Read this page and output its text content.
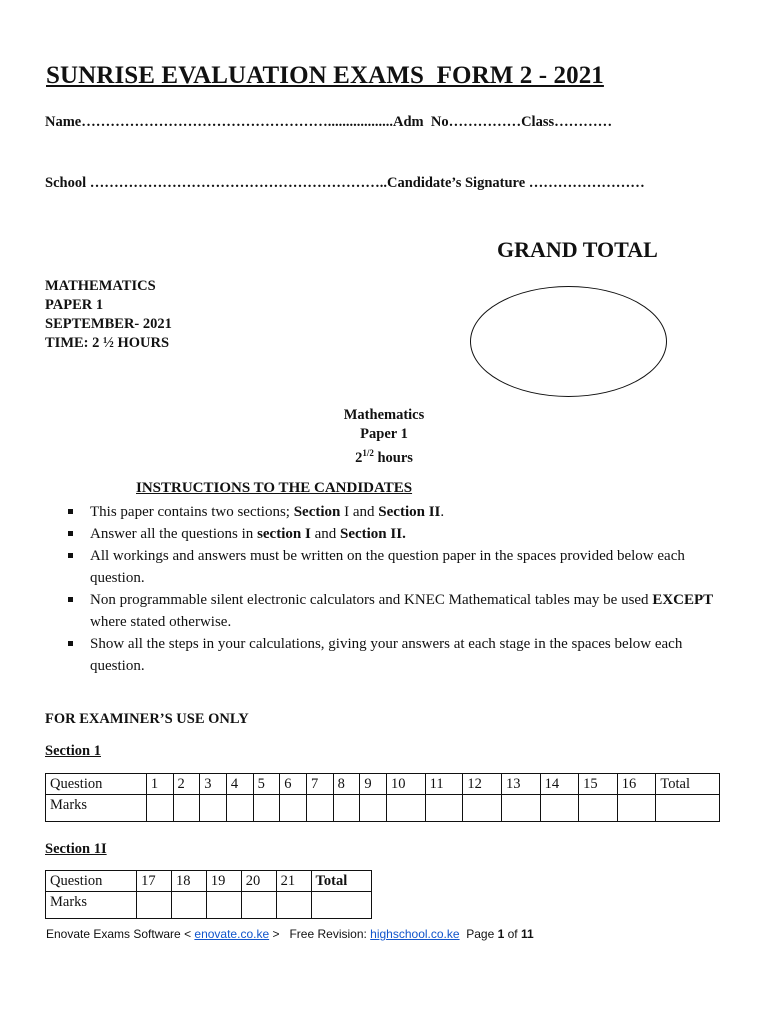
SUNRISE EVALUATION EXAMS  FORM 2 - 2021
Name……………………………………………..................Adm  No……………Class…………
School ……………………………………………………..Candidate’s Signature ……………………
GRAND TOTAL
MATHEMATICS
PAPER 1
SEPTEMBER- 2021
TIME: 2 ½ HOURS
Mathematics
Paper 1
$2^{1/2}$ hours
INSTRUCTIONS TO THE CANDIDATES
This paper contains two sections; Section I and Section II.
Answer all the questions in section I and Section II.
All workings and answers must be written on the question paper in the spaces provided below each question.
Non programmable silent electronic calculators and KNEC Mathematical tables may be used EXCEPT where stated otherwise.
Show all the steps in your calculations, giving your answers at each stage in the spaces below each question.
FOR EXAMINER’S USE ONLY
Section 1
Question	1	2	3	4	5	6	7	8	9	10	11	12	13	14	15	16	Total
Marks																	
Section 1I
Question	17	18	19	20	21	Total
Marks						
Enovate Exams Software < enovate.co.ke >   Free Revision: highschool.co.ke  Page 1 of 11
